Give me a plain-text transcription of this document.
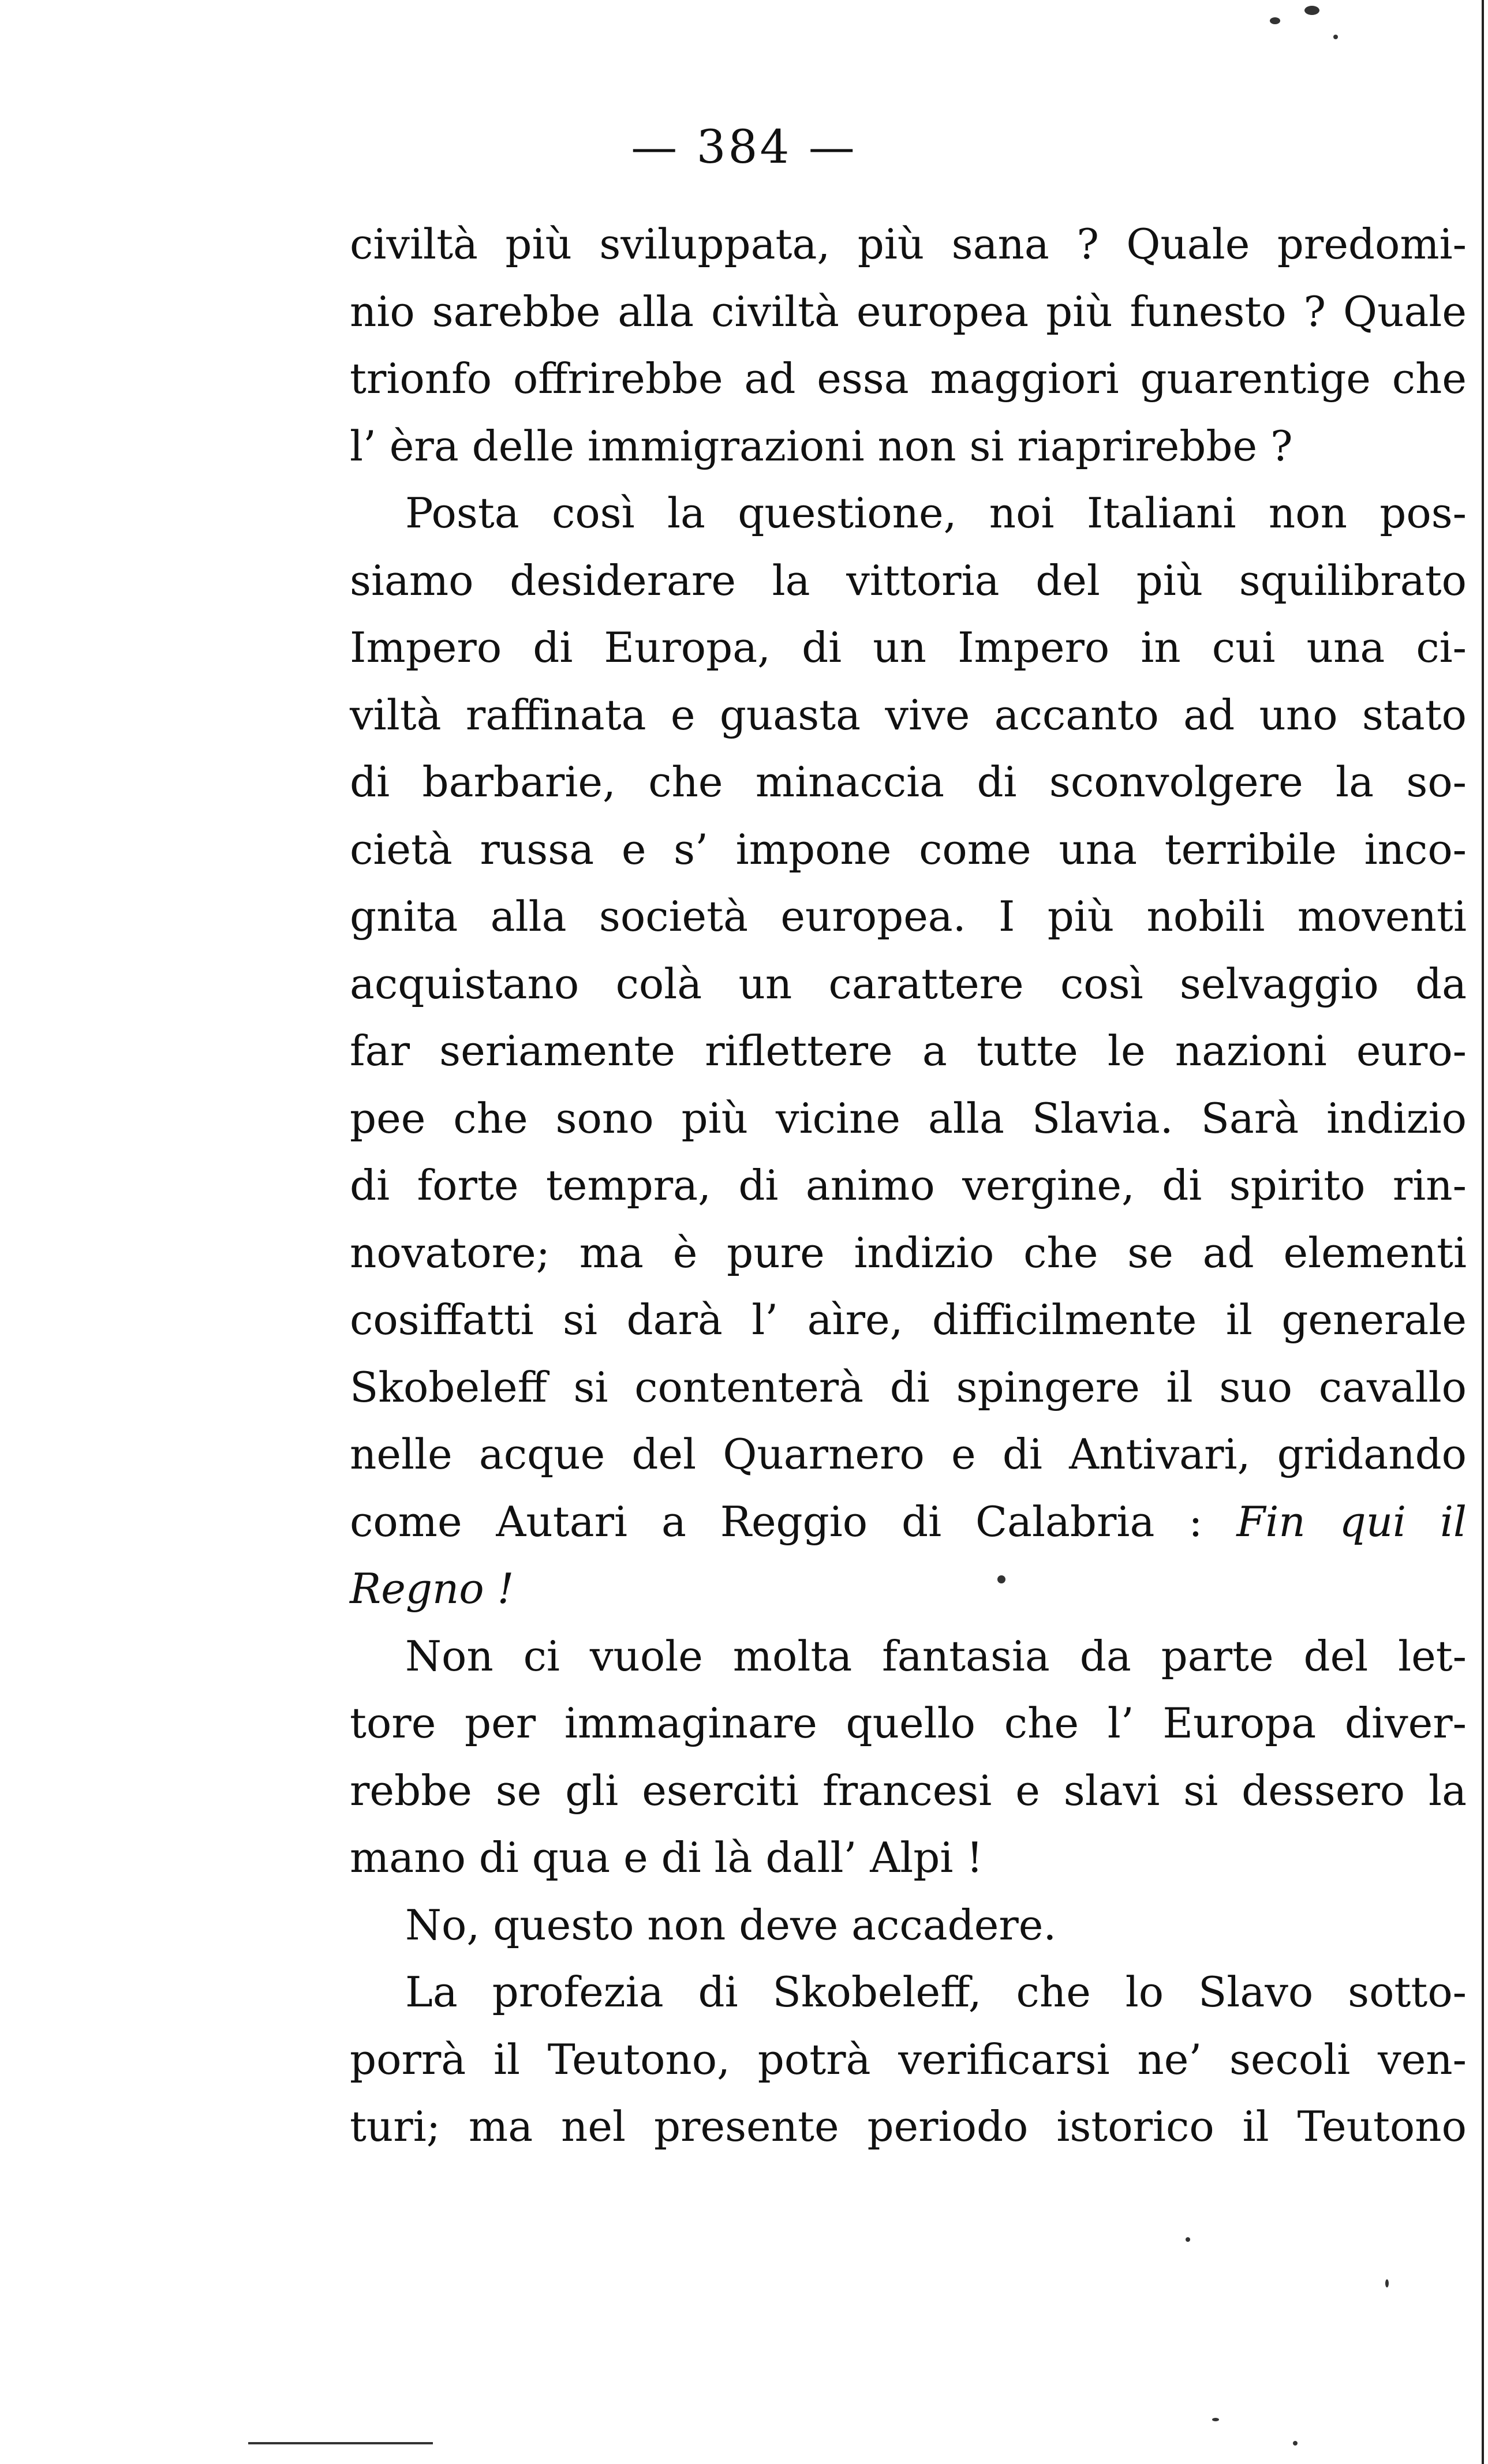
— 384 —
civiltà più sviluppata, più sana ? Quale predomi-
nio sarebbe alla civiltà europea più funesto ? Quale
trionfo offrirebbe ad essa maggiori guarentige che
l’ èra delle immigrazioni non si riaprirebbe ?
Posta così la questione, noi Italiani non pos-
siamo desiderare la vittoria del più squilibrato
Impero di Europa, di un Impero in cui una ci-
viltà raffinata e guasta vive accanto ad uno stato
di barbarie, che minaccia di sconvolgere la so-
cietà russa e s’ impone come una terribile inco-
gnita alla società europea. I più nobili moventi
acquistano colà un carattere così selvaggio da
far seriamente riflettere a tutte le nazioni euro-
pee che sono più vicine alla Slavia. Sarà indizio
di forte tempra, di animo vergine, di spirito rin-
novatore; ma è pure indizio che se ad elementi
cosiffatti si darà l’ aìre, difficilmente il generale
Skobeleff si contenterà di spingere il suo cavallo
nelle acque del Quarnero e di Antivari, gridando
come Autari a Reggio di Calabria : Fin qui il
Regno !
Non ci vuole molta fantasia da parte del let-
tore per immaginare quello che l’ Europa diver-
rebbe se gli eserciti francesi e slavi si dessero la
mano di qua e di là dall’ Alpi !
No, questo non deve accadere.
La profezia di Skobeleff, che lo Slavo sotto-
porrà il Teutono, potrà verificarsi ne’ secoli ven-
turi; ma nel presente periodo istorico il Teutono
